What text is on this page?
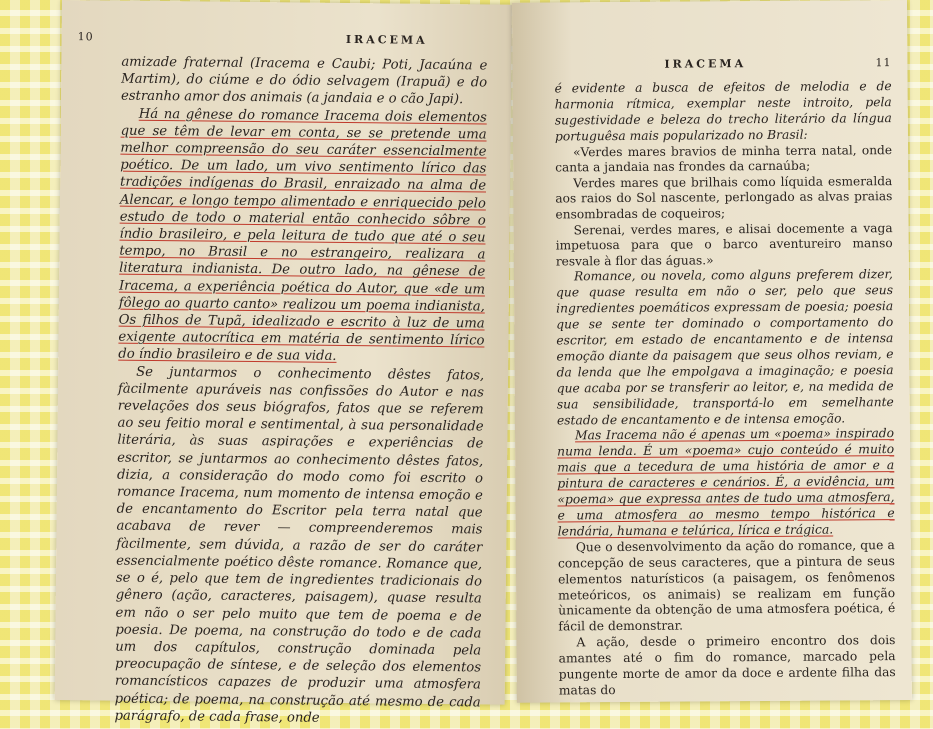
10	IRACEMA

amizade fraternal (Iracema e Caubi; Poti, Jacaúna e Martim), do ciúme e do ódio selvagem (Irapuã) e do estranho amor dos animais (a jandaia e o cão Japi).

Há na gênese do romance Iracema dois elementos que se têm de levar em conta, se se pretende uma melhor compreensão do seu caráter essencialmente poético. De um lado, um vivo sentimento lírico das tradições indígenas do Brasil, enraizado na alma de Alencar, e longo tempo alimentado e enriquecido pelo estudo de todo o material então conhecido sôbre o índio brasileiro, e pela leitura de tudo que até o seu tempo, no Brasil e no estrangeiro, realizara a literatura indianista. De outro lado, na gênese de Iracema, a experiência poética do Autor, que «de um fôlego ao quarto canto» realizou um poema indianista, Os filhos de Tupã, idealizado e escrito à luz de uma exigente autocrítica em matéria de sentimento lírico do índio brasileiro e de sua vida.

Se juntarmos o conhecimento dêstes fatos, fàcilmente apuráveis nas confissões do Autor e nas revelações dos seus biógrafos, fatos que se referem ao seu feitio moral e sentimental, à sua personalidade literária, às suas aspirações e experiências de escritor, se juntarmos ao conhecimento dêstes fatos, dizia, a consideração do modo como foi escrito o romance Iracema, num momento de intensa emoção e de encantamento do Escritor pela terra natal que acabava de rever — compreenderemos mais fàcilmente, sem dúvida, a razão de ser do caráter essencialmente poético dêste romance. Romance que, se o é, pelo que tem de ingredientes tradicionais do gênero (ação, caracteres, paisagem), quase resulta em não o ser pelo muito que tem de poema e de poesia. De poema, na construção do todo e de cada um dos capítulos, construção dominada pela preocupação de síntese, e de seleção dos elementos romancísticos capazes de produzir uma atmosfera poética; de poema, na construção até mesmo de cada parágrafo, de cada frase, onde

IRACEMA	11

é evidente a busca de efeitos de melodia e de harmonia rítmica, exemplar neste introito, pela sugestividade e beleza do trecho literário da língua portuguêsa mais popularizado no Brasil:

«Verdes mares bravios de minha terra natal, onde canta a jandaia nas frondes da carnaúba;

Verdes mares que brilhais como líquida esmeralda aos raios do Sol nascente, perlongado as alvas praias ensombradas de coqueiros;

Serenai, verdes mares, e alisai docemente a vaga impetuosa para que o barco aventureiro manso resvale à flor das águas.»

Romance, ou novela, como alguns preferem dizer, que quase resulta em não o ser, pelo que seus ingredientes poemáticos expressam de poesia; poesia que se sente ter dominado o comportamento do escritor, em estado de encantamento e de intensa emoção diante da paisagem que seus olhos reviam, e da lenda que lhe empolgava a imaginação; e poesia que acaba por se transferir ao leitor, e, na medida de sua sensibilidade, transportá-lo em semelhante estado de encantamento e de intensa emoção.

Mas Iracema não é apenas um «poema» inspirado numa lenda. É um «poema» cujo conteúdo é muito mais que a tecedura de uma história de amor e a pintura de caracteres e cenários. É, a evidência, um «poema» que expressa antes de tudo uma atmosfera, e uma atmosfera ao mesmo tempo histórica e lendária, humana e telúrica, lírica e trágica.

Que o desenvolvimento da ação do romance, que a concepção de seus caracteres, que a pintura de seus elementos naturísticos (a paisagem, os fenômenos meteóricos, os animais) se realizam em função ùnicamente da obtenção de uma atmosfera poética, é fácil de demonstrar.

A ação, desde o primeiro encontro dos dois amantes até o fim do romance, marcado pela pungente morte de amor da doce e ardente filha das matas do
